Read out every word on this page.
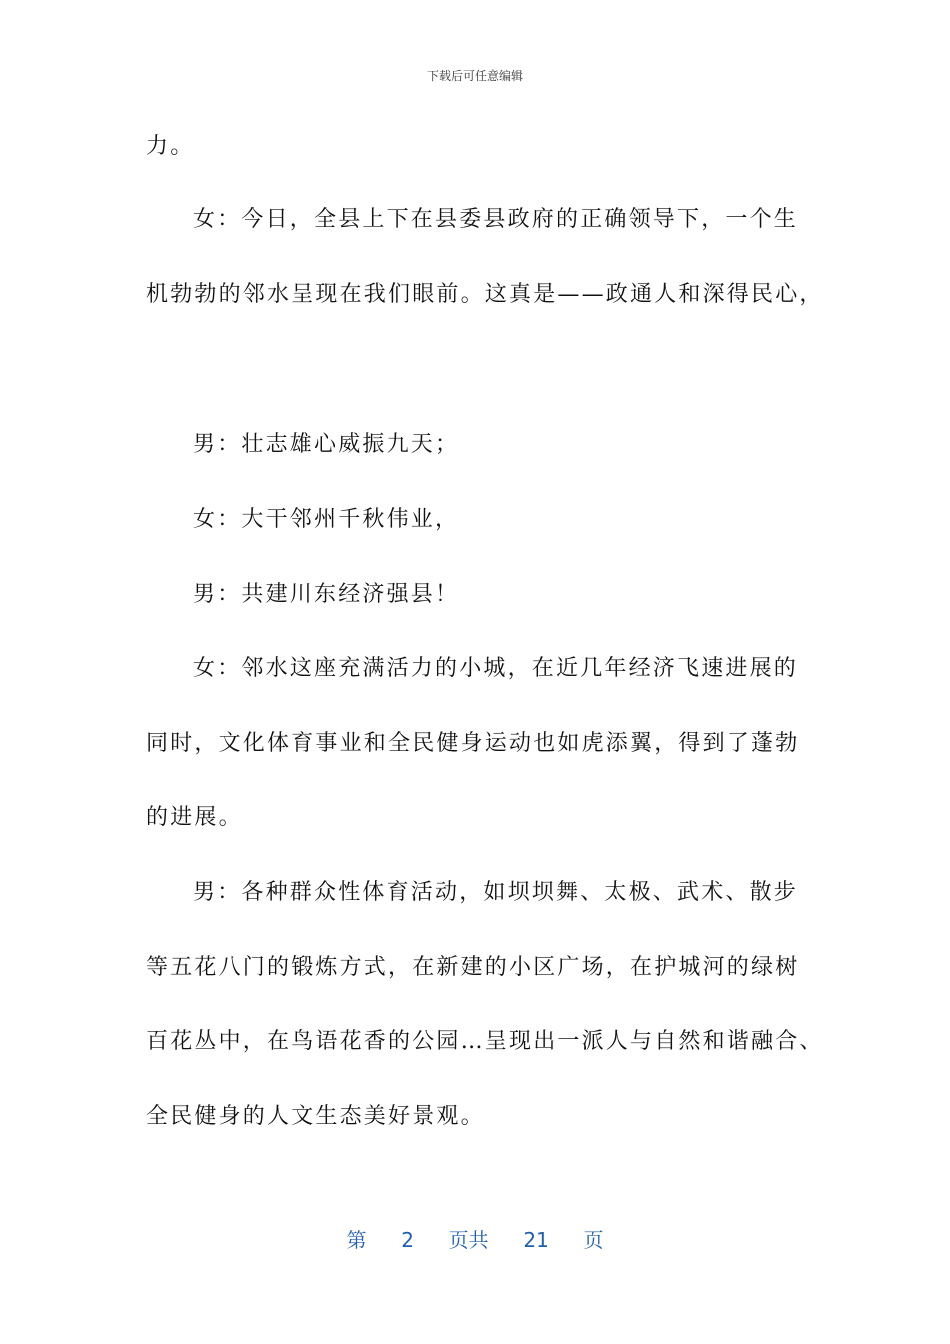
下载后可任意编辑
力。
女：今日，全县上下在县委县政府的正确领导下，一个生
机勃勃的邻水呈现在我们眼前。这真是——政通人和深得民心，
男：壮志雄心威振九天；
女：大干邻州千秋伟业，
男：共建川东经济强县！
女：邻水这座充满活力的小城，在近几年经济飞速进展的
同时，文化体育事业和全民健身运动也如虎添翼，得到了蓬勃
的进展。
男：各种群众性体育活动，如坝坝舞、太极、武术、散步
等五花八门的锻炼方式，在新建的小区广场，在护城河的绿树
百花丛中，在鸟语花香的公园…呈现出一派人与自然和谐融合、
全民健身的人文生态美好景观。
第 2 页共 21 页
